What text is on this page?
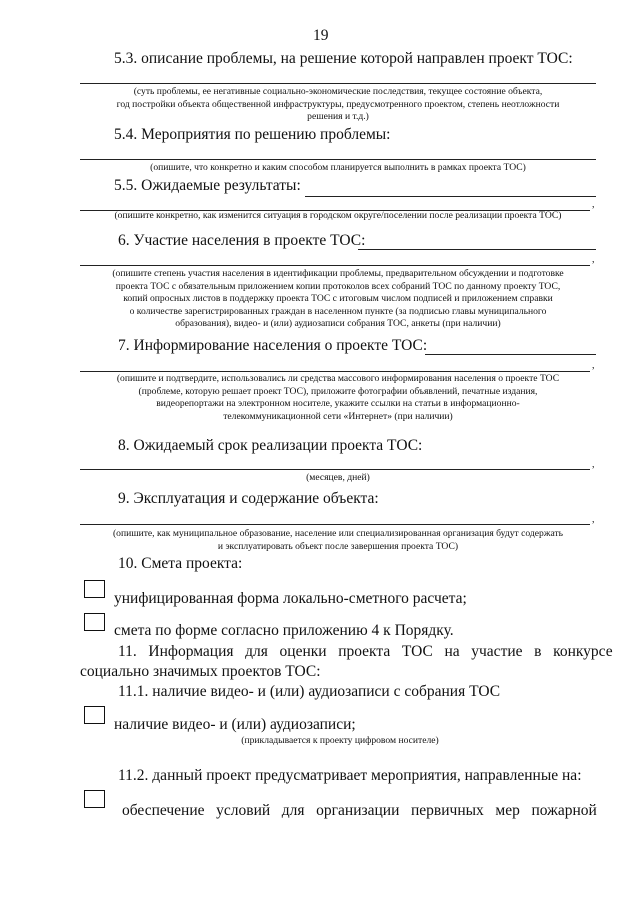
19
5.3. описание проблемы, на решение которой направлен проект ТОС:
(суть проблемы, ее негативные социально-экономические последствия, текущее состояние объекта,
год постройки объекта общественной инфраструктуры, предусмотренного проектом, степень неотложности
решения и т.д.)
5.4. Мероприятия по решению проблемы:
(опишите, что конкретно и каким способом планируется выполнить в рамках проекта ТОС)
5.5. Ожидаемые результаты:
,
(опишите конкретно, как изменится ситуация в городском округе/поселении после реализации проекта ТОС)
6. Участие населения в проекте ТОС:
,
(опишите степень участия населения в идентификации проблемы, предварительном обсуждении и подготовке
проекта ТОС с обязательным приложением копии протоколов всех собраний ТОС по данному проекту ТОС,
копий опросных листов в поддержку проекта ТОС с итоговым числом подписей и приложением справки
о количестве зарегистрированных граждан в населенном пункте (за подписью главы муниципального
образования), видео- и (или) аудиозаписи собрания ТОС, анкеты (при наличии)
7. Информирование населения о проекте ТОС:
,
(опишите и подтвердите, использовались ли средства массового информирования населения о проекте ТОС
(проблеме, которую решает проект ТОС), приложите фотографии объявлений, печатные издания,
видеорепортажи на электронном носителе, укажите ссылки на статьи в информационно-
телекоммуникационной сети «Интернет» (при наличии)
8. Ожидаемый срок реализации проекта ТОС:
,
(месяцев, дней)
9. Эксплуатация и содержание объекта:
,
(опишите, как муниципальное образование, население или специализированная организация будут содержать
и эксплуатировать объект после завершения проекта ТОС)
10. Смета проекта:
унифицированная форма локально-сметного расчета;
смета по форме согласно приложению 4 к Порядку.
11.   Информация   для   оценки   проекта   ТОС   на   участие   в   конкурсе
социально значимых проектов ТОС:
11.1. наличие видео- и (или) аудиозаписи с собрания ТОС
наличие видео- и (или) аудиозаписи;
(прикладывается к проекту цифровом носителе)
11.2. данный проект предусматривает мероприятия, направленные на:
обеспечение   условий   для   организации   первичных   мер   пожарной
